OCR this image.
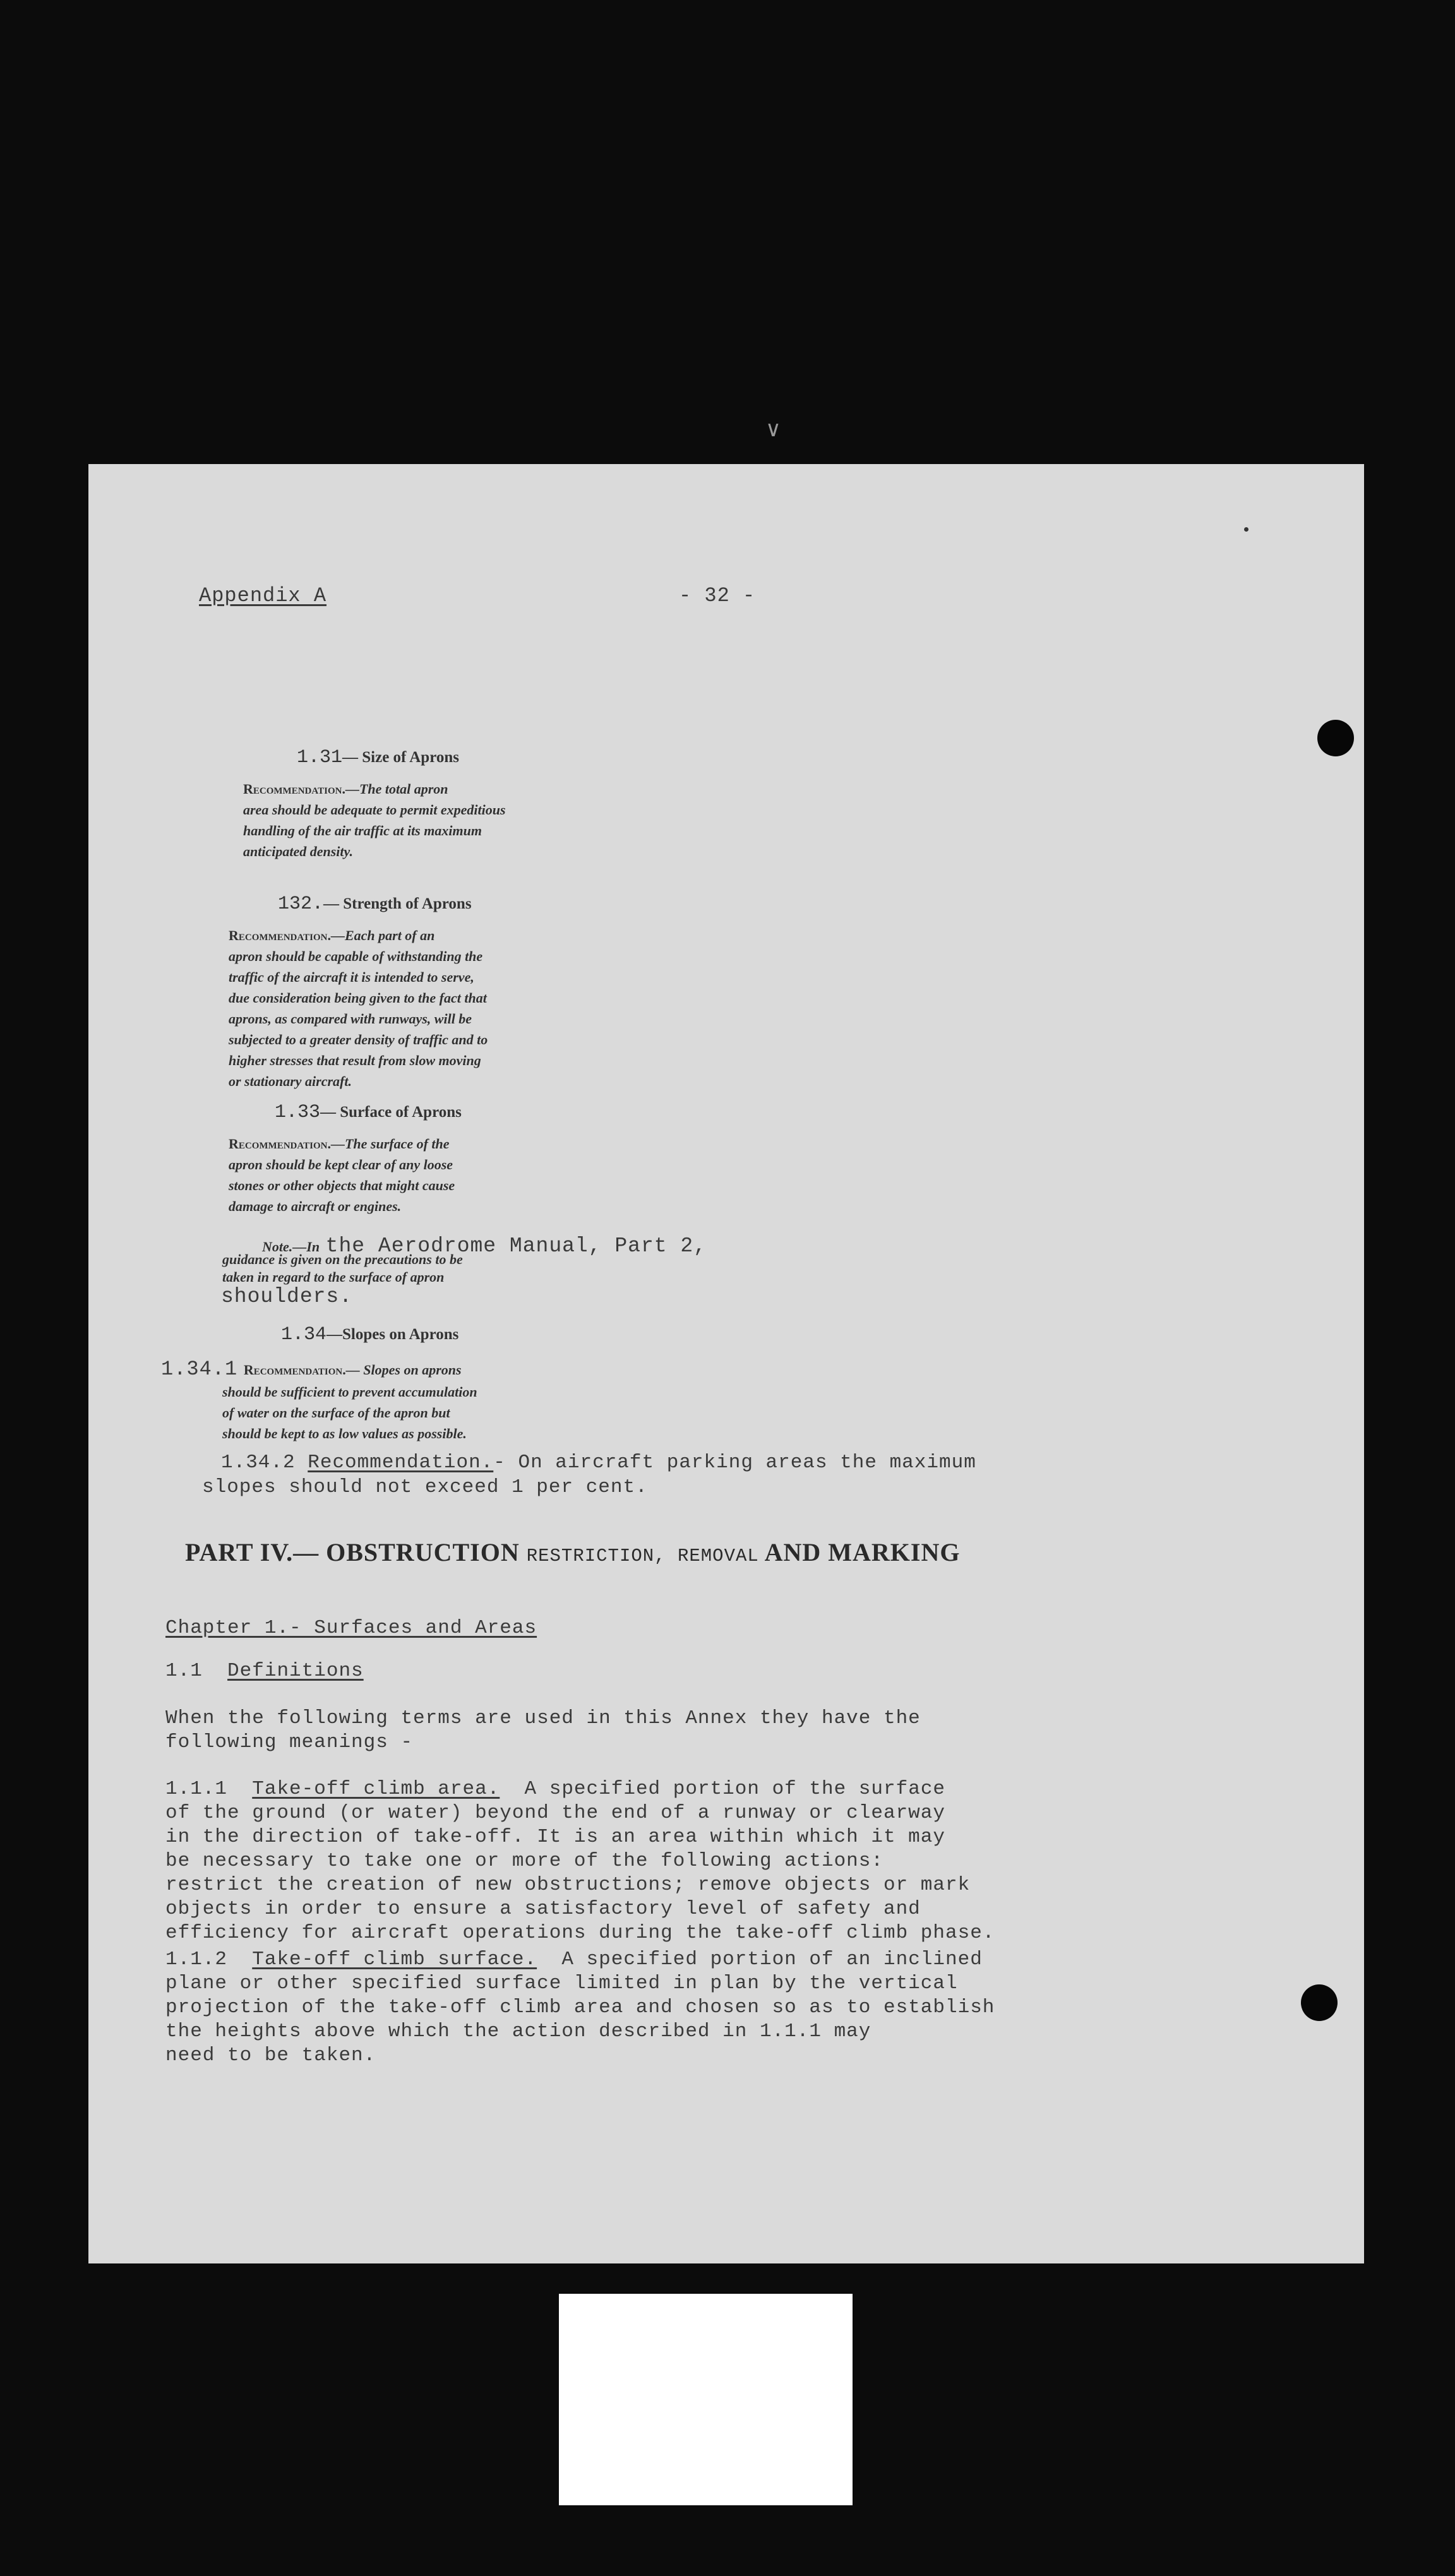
∨
Appendix A	- 32 -
1.31— Size of Aprons
Recommendation.—The total apron
area should be adequate to permit expeditious
handling of the air traffic at its maximum
anticipated density.
132.— Strength of Aprons
Recommendation.—Each part of an
apron should be capable of withstanding the
traffic of the aircraft it is intended to serve,
due consideration being given to the fact that
aprons, as compared with runways, will be
subjected to a greater density of traffic and to
higher stresses that result from slow moving
or stationary aircraft.
1.33— Surface of Aprons
Recommendation.—The surface of the
apron should be kept clear of any loose
stones or other objects that might cause
damage to aircraft or engines.
Note.—In the Aerodrome Manual, Part 2,
guidance is given on the precautions to be
taken in regard to the surface of apron
shoulders.
1.34—Slopes on Aprons
1.34.1 Recommendation.— Slopes on aprons
should be sufficient to prevent accumulation
of water on the surface of the apron but
should be kept to as low values as possible.
1.34.2 Recommendation.- On aircraft parking areas the maximum
slopes should not exceed 1 per cent.
PART IV.— OBSTRUCTION RESTRICTION, REMOVAL AND MARKING
Chapter 1.- Surfaces and Areas
1.1 Definitions
When the following terms are used in this Annex they have the
following meanings -
1.1.1 Take-off climb area. A specified portion of the surface
of the ground (or water) beyond the end of a runway or clearway
in the direction of take-off. It is an area within which it may
be necessary to take one or more of the following actions:
restrict the creation of new obstructions; remove objects or mark
objects in order to ensure a satisfactory level of safety and
efficiency for aircraft operations during the take-off climb phase.
1.1.2 Take-off climb surface. A specified portion of an inclined
plane or other specified surface limited in plan by the vertical
projection of the take-off climb area and chosen so as to establish
the heights above which the action described in 1.1.1 may
need to be taken.
